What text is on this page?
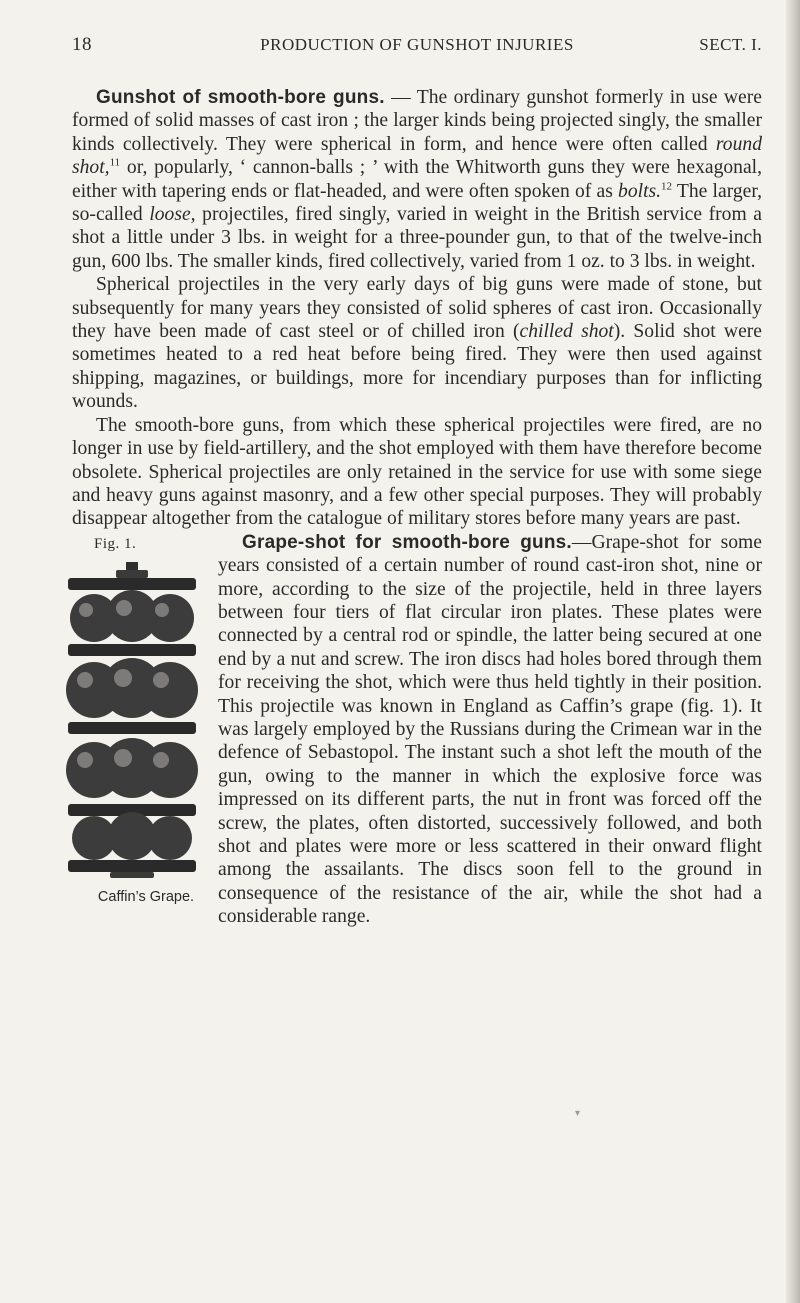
18	PRODUCTION OF GUNSHOT INJURIES	SECT. I.

Gunshot of smooth-bore guns. — The ordinary gunshot formerly in use were formed of solid masses of cast iron ; the larger kinds being projected singly, the smaller kinds collectively. They were spherical in form, and hence were often called round shot,$^{11}$ or, popularly, ‘ cannon-balls ; ’ with the Whitworth guns they were hexagonal, either with tapering ends or flat-headed, and were often spoken of as bolts.$^{12}$ The larger, so-called loose, projectiles, fired singly, varied in weight in the British service from a shot a little under 3 lbs. in weight for a three-pounder gun, to that of the twelve-inch gun, 600 lbs. The smaller kinds, fired collectively, varied from 1 oz. to 3 lbs. in weight.

Spherical projectiles in the very early days of big guns were made of stone, but subsequently for many years they consisted of solid spheres of cast iron. Occasionally they have been made of cast steel or of chilled iron (chilled shot). Solid shot were sometimes heated to a red heat before being fired. They were then used against shipping, magazines, or buildings, more for incendiary purposes than for inflicting wounds.

The smooth-bore guns, from which these spherical projectiles were fired, are no longer in use by field-artillery, and the shot employed with them have therefore become obsolete. Spherical projectiles are only retained in the service for use with some siege and heavy guns against masonry, and a few other special purposes. They will probably disappear altogether from the catalogue of military stores before many years are past.

Grape-shot for smooth-bore guns.
Fig. 1.
Caffin’s Grape.
—Grape-shot for some years consisted of a certain number of round cast-iron shot, nine or more, according to the size of the projectile, held in three layers between four tiers of flat circular iron plates. These plates were connected by a central rod or spindle, the latter being secured at one end by a nut and screw. The iron discs had holes bored through them for receiving the shot, which were thus held tightly in their position. This projectile was known in England as Caffin’s grape (fig. 1). It was largely employed by the Russians during the Crimean war in the defence of Sebastopol. The instant such a shot left the mouth of the gun, owing to the manner in which the explosive force was impressed on its different parts, the nut in front was forced off the screw, the plates, often distorted, successively followed, and both shot and plates were more or less scattered in their onward flight among the assailants. The discs soon fell to the ground in consequence of the resistance of the air, while the shot had a considerable range.

▾
